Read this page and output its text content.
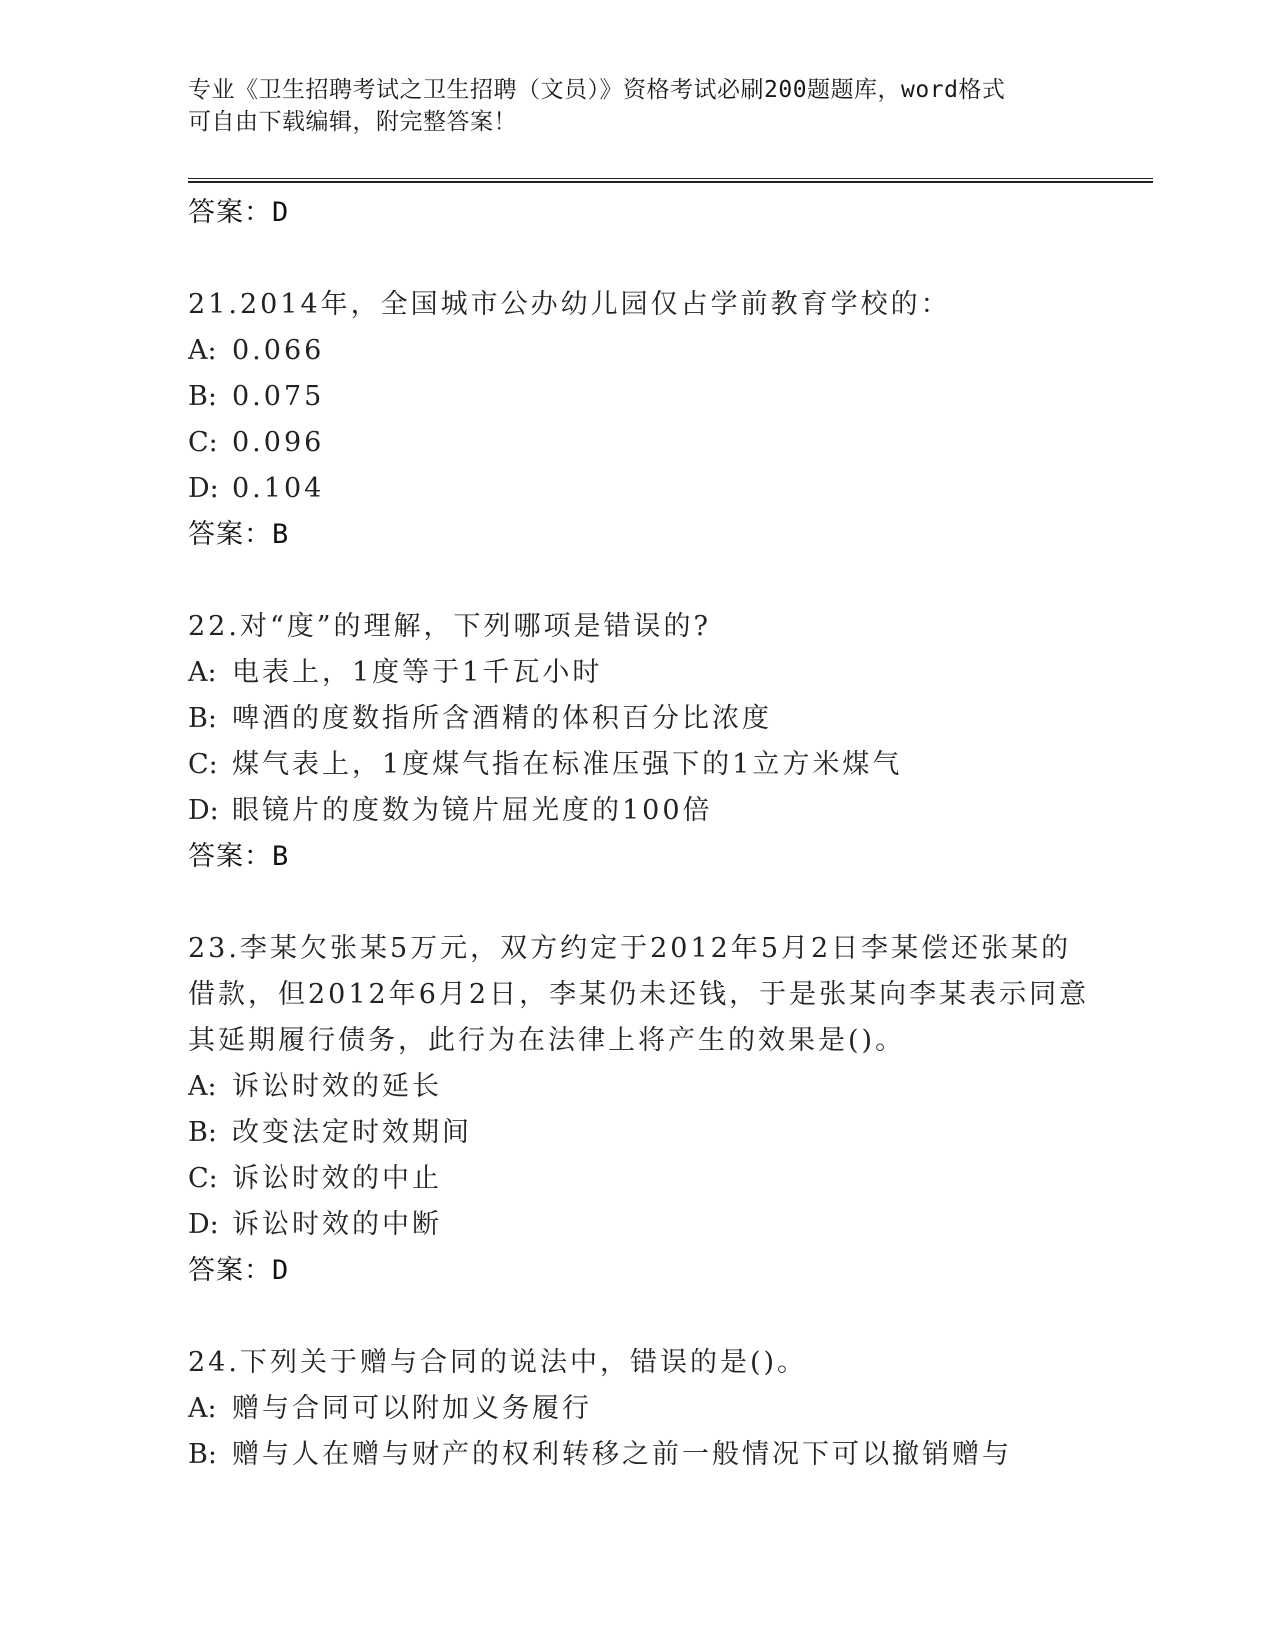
专业《卫生招聘考试之卫生招聘（文员）》资格考试必刷200题题库，word格式
可自由下载编辑，附完整答案！
答案：D
21.2014年，全国城市公办幼儿园仅占学前教育学校的：
A: 0.066
B: 0.075
C: 0.096
D: 0.104
答案：B
22.对“度”的理解，下列哪项是错误的?
A: 电表上，1度等于1千瓦小时
B: 啤酒的度数指所含酒精的体积百分比浓度
C: 煤气表上，1度煤气指在标准压强下的1立方米煤气
D: 眼镜片的度数为镜片屈光度的100倍
答案：B
23.李某欠张某5万元，双方约定于2012年5月2日李某偿还张某的
借款，但2012年6月2日，李某仍未还钱，于是张某向李某表示同意
其延期履行债务，此行为在法律上将产生的效果是()。
A: 诉讼时效的延长
B: 改变法定时效期间
C: 诉讼时效的中止
D: 诉讼时效的中断
答案：D
24.下列关于赠与合同的说法中，错误的是()。
A: 赠与合同可以附加义务履行
B: 赠与人在赠与财产的权利转移之前一般情况下可以撤销赠与
